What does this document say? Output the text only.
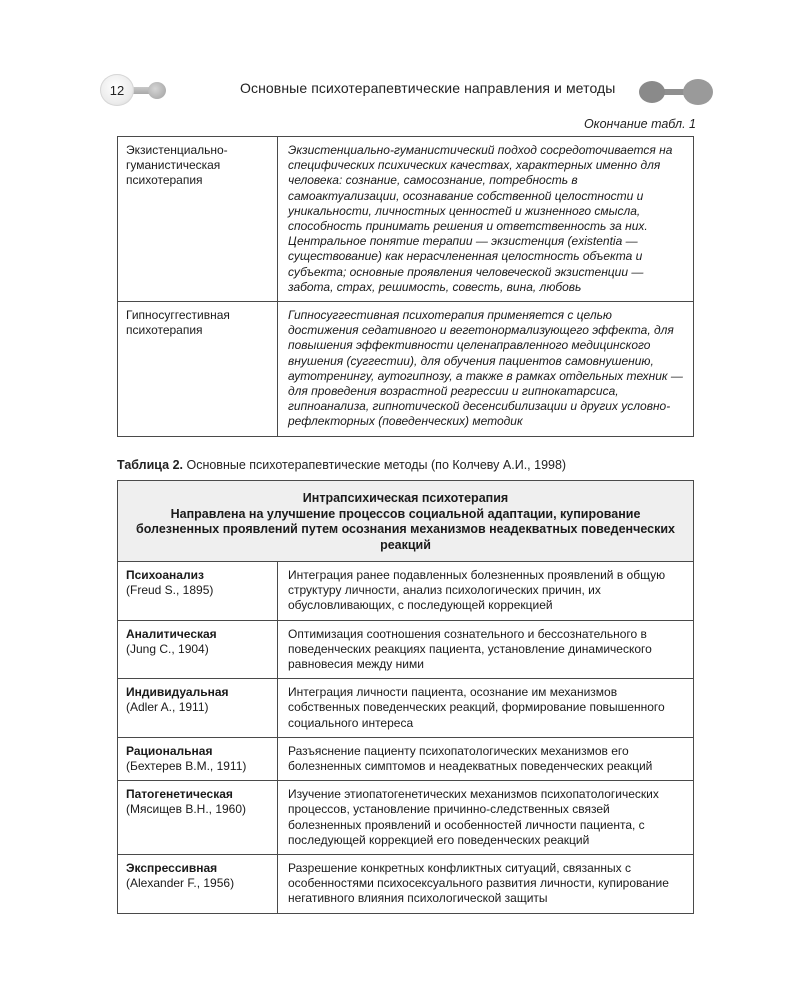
12	Основные психотерапевтические направления и методы
Окончание табл. 1
Экзистенциально-гуманистическая психотерапия	Экзистенциально-гуманистический подход сосредоточивается на специфических психических качествах, характерных именно для человека: сознание, самосознание, потребность в самоактуализации, осознавание собственной целостности и уникальности, личностных ценностей и жизненного смысла, способность принимать решения и ответственность за них. Центральное понятие терапии — экзистенция (existentia — существование) как нерасчлененная целостность объекта и субъекта; основные проявления человеческой экзистенции — забота, страх, решимость, совесть, вина, любовь
Гипносуггестивная психотерапия	Гипносуггестивная психотерапия применяется с целью достижения седативного и вегетонормализующего эффекта, для повышения эффективности целенаправленного медицинского внушения (суггестии), для обучения пациентов самовнушению, аутотренингу, аутогипнозу, а также в рамках отдельных техник — для проведения возрастной регрессии и гипнокатарсиса, гипноанализа, гипнотической десенсибилизации и других условно-рефлекторных (поведенческих) методик
Таблица 2. Основные психотерапевтические методы (по Колчеву А.И., 1998)
Интрапсихическая психотерапия
Направлена на улучшение процессов социальной адаптации, купирование болезненных проявлений путем осознания механизмов неадекватных поведенческих реакций	

Психоанализ
(Freud S., 1895)	Интеграция ранее подавленных болезненных проявлений в общую структуру личности, анализ психологических причин, их обусловливающих, с последующей коррекцией

Аналитическая
(Jung C., 1904)	Оптимизация соотношения сознательного и бессознательного в поведенческих реакциях пациента, установление динамического равновесия между ними

Индивидуальная
(Adler A., 1911)	Интеграция личности пациента, осознание им механизмов собственных поведенческих реакций, формирование повышенного социального интереса

Рациональная
(Бехтерев В.М., 1911)	Разъяснение пациенту психопатологических механизмов его болезненных симптомов и неадекватных поведенческих реакций

Патогенетическая
(Мясищев В.Н., 1960)	Изучение этиопатогенетических механизмов психопатологических процессов, установление причинно-следственных связей болезненных проявлений и особенностей личности пациента, с последующей коррекцией его поведенческих реакций

Экспрессивная
(Alexander F., 1956)	Разрешение конкретных конфликтных ситуаций, связанных с особенностями психосексуального развития личности, купирование негативного влияния психологической защиты
